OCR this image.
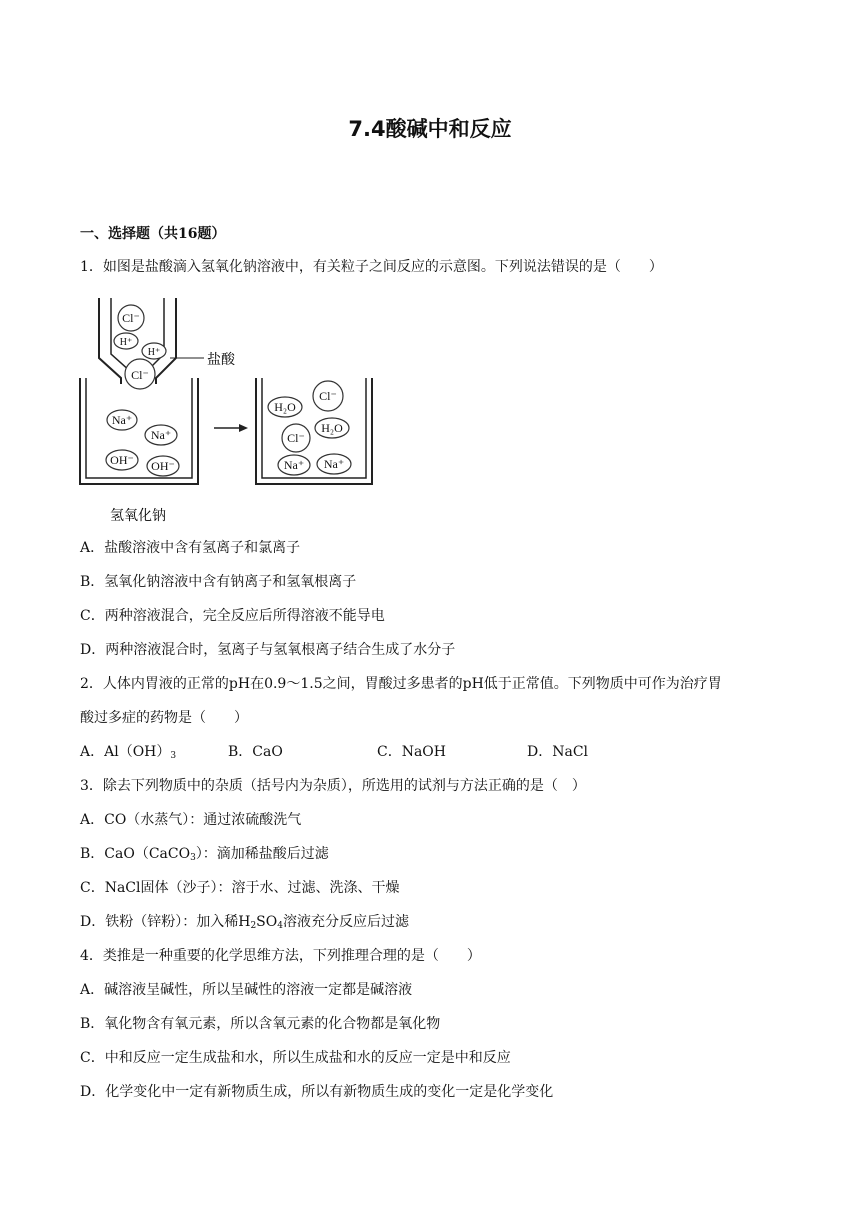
7.4酸碱中和反应
一、选择题（共16题）
1．如图是盐酸滴入氢氧化钠溶液中，有关粒子之间反应的示意图。下列说法错误的是（　　）
Cl⁻
H⁺
H⁺
Cl⁻
Na⁺
Na⁺
OH⁻ OH⁻
Cl⁻
H₂O
H₂O
Cl⁻
Na⁺ Na⁺
盐酸
氢氧化钠
A．盐酸溶液中含有氢离子和氯离子
B．氢氧化钠溶液中含有钠离子和氢氧根离子
C．两种溶液混合，完全反应后所得溶液不能导电
D．两种溶液混合时，氢离子与氢氧根离子结合生成了水分子
2．人体内胃液的正常的pH在0.9～1.5之间，胃酸过多患者的pH低于正常值。下列物质中可作为治疗胃
酸过多症的药物是（　　）
A．$Al(OH)_3$	B．CaO	C．NaOH	D．NaCl
3．除去下列物质中的杂质（括号内为杂质），所选用的试剂与方法正确的是（　）
A．CO（水蒸气）：通过浓硫酸洗气
B．CaO（CaCO$_3$）：滴加稀盐酸后过滤
C．NaCl固体（沙子）：溶于水、过滤、洗涤、干燥
D．铁粉（锌粉）：加入稀$H_2SO_4$溶液充分反应后过滤
4．类推是一种重要的化学思维方法，下列推理合理的是（　　）
A．碱溶液呈碱性，所以呈碱性的溶液一定都是碱溶液
B．氧化物含有氧元素，所以含氧元素的化合物都是氧化物
C．中和反应一定生成盐和水，所以生成盐和水的反应一定是中和反应
D．化学变化中一定有新物质生成，所以有新物质生成的变化一定是化学变化
